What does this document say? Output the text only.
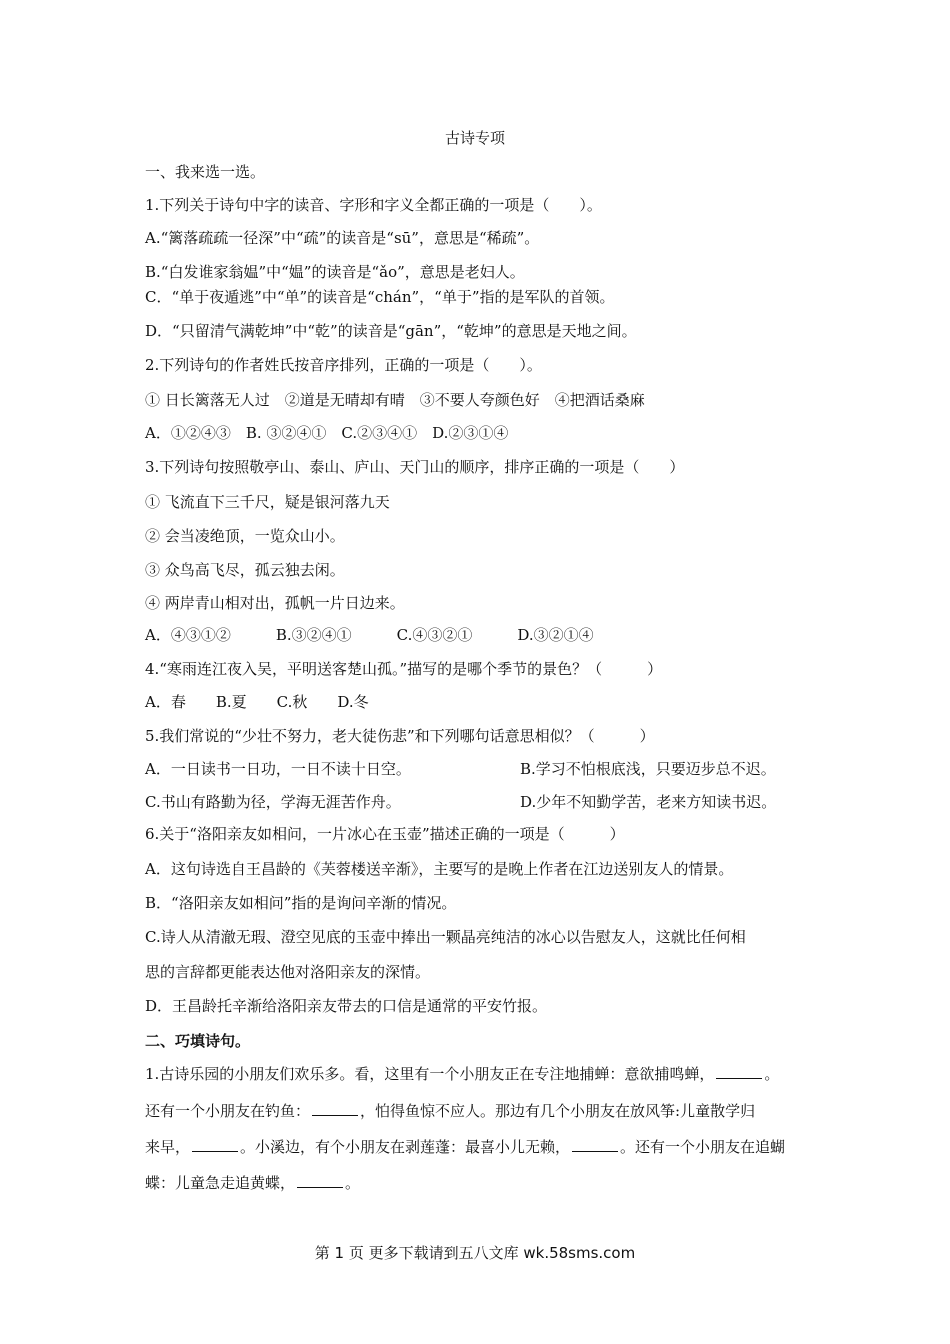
古诗专项
一、我来选一选。
1.下列关于诗句中字的读音、字形和字义全都正确的一项是（　　）。
A.“篱落疏疏一径深”中“疏”的读音是“sū”，意思是“稀疏”。
B.“白发谁家翁媪”中“媪”的读音是“ǎo”，意思是老妇人。
C．“单于夜遁逃”中“单”的读音是“chán”，“单于”指的是军队的首领。
D．“只留清气满乾坤”中“乾”的读音是“gān”，“乾坤”的意思是天地之间。
2.下列诗句的作者姓氏按音序排列，正确的一项是（　　）。
① 日长篱落无人过　②道是无晴却有晴　③不要人夸颜色好　④把酒话桑麻
A．①②④③　B. ③②④①　C.②③④①　D.②③①④
3.下列诗句按照敬亭山、泰山、庐山、天门山的顺序，排序正确的一项是（　　）
① 飞流直下三千尺，疑是银河落九天
② 会当凌绝顶，一览众山小。
③ 众鸟高飞尽，孤云独去闲。
④ 两岸青山相对出，孤帆一片日边来。
A．④③①②　　　B.③②④①　　　C.④③②①　　　D.③②①④
4.“寒雨连江夜入吴，平明送客楚山孤。”描写的是哪个季节的景色？（　　　）
A．春　　B.夏　　C.秋　　D.冬
5.我们常说的“少壮不努力，老大徒伤悲”和下列哪句话意思相似？（　　　）
A．一日读书一日功，一日不读十日空。	B.学习不怕根底浅，只要迈步总不迟。
C.书山有路勤为径，学海无涯苦作舟。	D.少年不知勤学苦，老来方知读书迟。
6.关于“洛阳亲友如相问，一片冰心在玉壶”描述正确的一项是（　　　）
A．这句诗选自王昌龄的《芙蓉楼送辛渐》，主要写的是晚上作者在江边送别友人的情景。
B．“洛阳亲友如相问”指的是询问辛渐的情况。
C.诗人从清澈无瑕、澄空见底的玉壶中捧出一颗晶亮纯洁的冰心以告慰友人，这就比任何相
思的言辞都更能表达他对洛阳亲友的深情。
D．王昌龄托辛渐给洛阳亲友带去的口信是通常的平安竹报。
二、巧填诗句。
1.古诗乐园的小朋友们欢乐多。看，这里有一个小朋友正在专注地捕蝉：意欲捕鸣蝉，	。
还有一个小朋友在钓鱼：	，怕得鱼惊不应人。那边有几个小朋友在放风筝:儿童散学归
来早，	。小溪边，有个小朋友在剥莲蓬：最喜小儿无赖，	。还有一个小朋友在追蝴
蝶：儿童急走追黄蝶，	。
第 1 页 更多下载请到五八文库 wk.58sms.com
